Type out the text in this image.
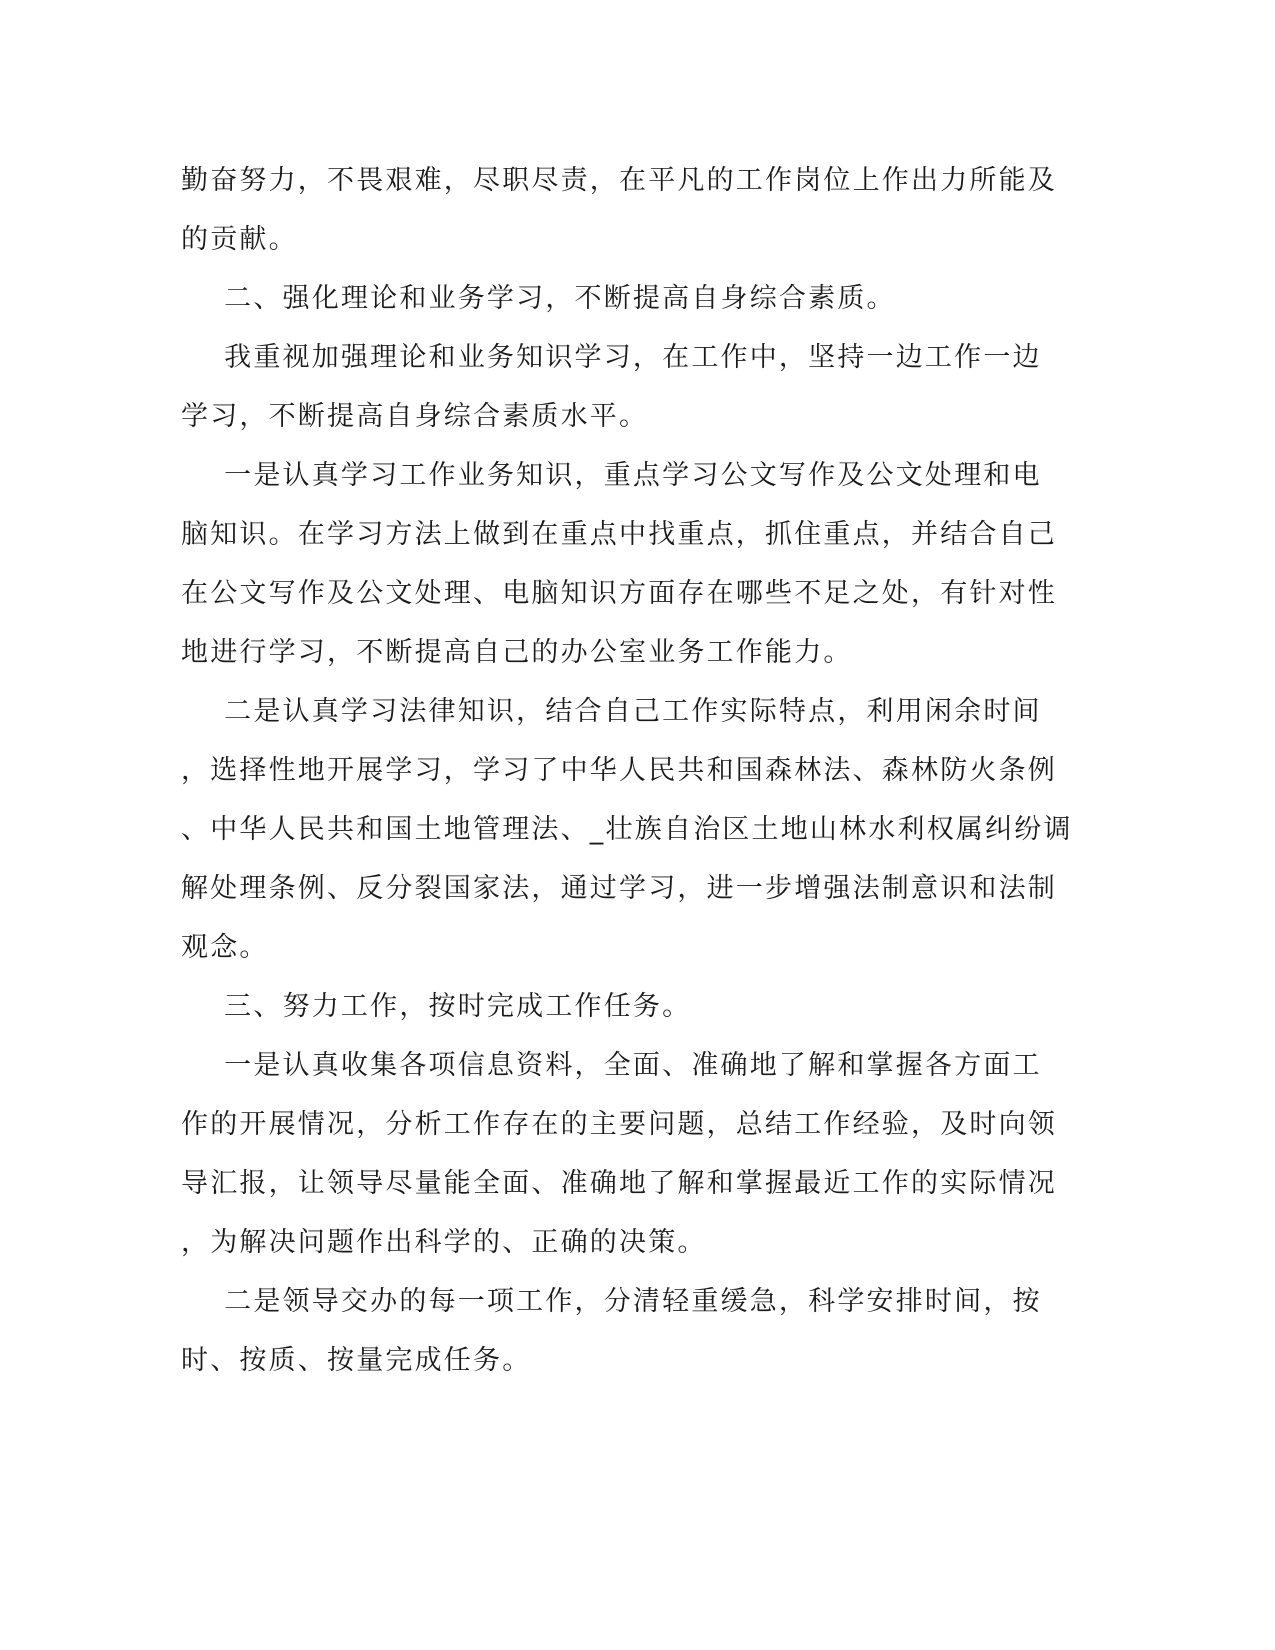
勤奋努力，不畏艰难，尽职尽责，在平凡的工作岗位上作出力所能及
的贡献。
二、强化理论和业务学习，不断提高自身综合素质。
我重视加强理论和业务知识学习，在工作中，坚持一边工作一边
学习，不断提高自身综合素质水平。
一是认真学习工作业务知识，重点学习公文写作及公文处理和电
脑知识。在学习方法上做到在重点中找重点，抓住重点，并结合自己
在公文写作及公文处理、电脑知识方面存在哪些不足之处，有针对性
地进行学习，不断提高自己的办公室业务工作能力。
二是认真学习法律知识，结合自己工作实际特点，利用闲余时间
，选择性地开展学习，学习了中华人民共和国森林法、森林防火条例
、中华人民共和国土地管理法、_壮族自治区土地山林水利权属纠纷调
解处理条例、反分裂国家法，通过学习，进一步增强法制意识和法制
观念。
三、努力工作，按时完成工作任务。
一是认真收集各项信息资料，全面、准确地了解和掌握各方面工
作的开展情况，分析工作存在的主要问题，总结工作经验，及时向领
导汇报，让领导尽量能全面、准确地了解和掌握最近工作的实际情况
，为解决问题作出科学的、正确的决策。
二是领导交办的每一项工作，分清轻重缓急，科学安排时间，按
时、按质、按量完成任务。
